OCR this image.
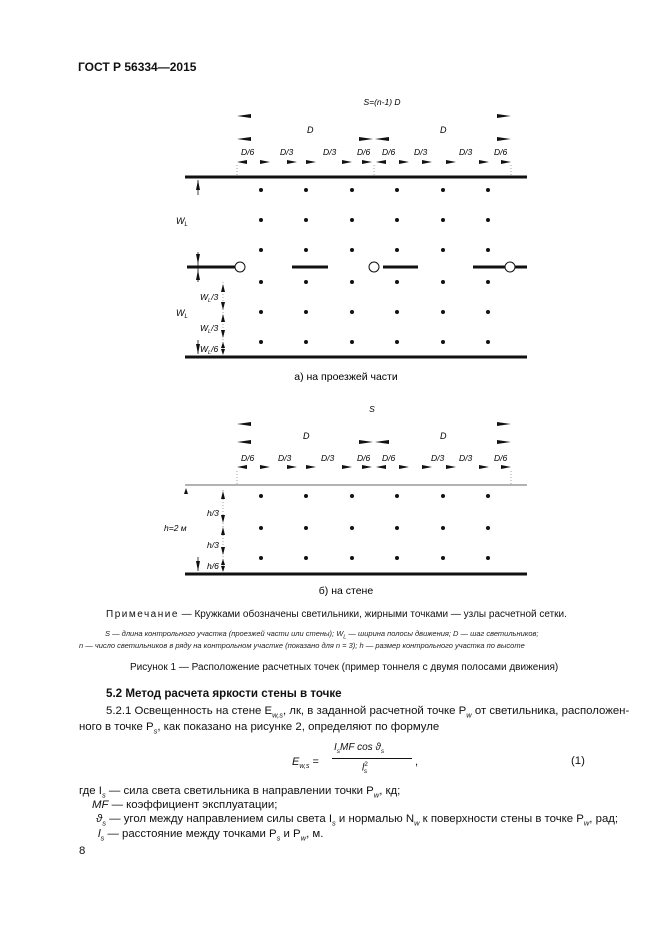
ГОСТ Р 56334—2015
S=(n-1) D
D	D
D/6	D/3	D/3 D/6 D/6 D/3	D/3	D/6
$W_L$
$W_L$
$W_L/3$
$W_L/3$
$W_L/6$
а) на проезжей части
S
D	D
D/6	D/3	D/3	D/6 D/6	D/3 D/3	D/6
h=2 м
h/3
h/3
h/6
б) на стене
Примечание — Кружками обозначены светильники, жирными точками — узлы расчетной сетки.
S — длина контрольного участка (проезжей части или стены); $W_L$ — ширина полосы движения; D — шаг светильников;
n — число светильников в ряду на контрольном участке (показано для n = 3); h — размер контрольного участка по высоте
Рисунок 1 — Расположение расчетных точек (пример тоннеля с двумя полосами движения)
5.2 Метод расчета яркости стены в точке
5.2.1 Освещенность на стене $E_{w,s}$, лк, в заданной расчетной точке $P_w$ от светильника, расположен-
ного в точке $P_s$, как показано на рисунке 2, определяют по формуле
$E_{w,s}$ =
$I_sMF$ $\cos ϑ_s$
$l^2_s$
,	(1)
где $I_s$ — сила света светильника в направлении точки $P_w$, кд;
MF — коэффициент эксплуатации;
$ϑ_s$ — угол между направлением силы света $I_s$ и нормалью $N_w$ к поверхности стены в точке $P_w$, рад;
$l_s$ — расстояние между точками $P_s$ и $P_w$, м.
8
